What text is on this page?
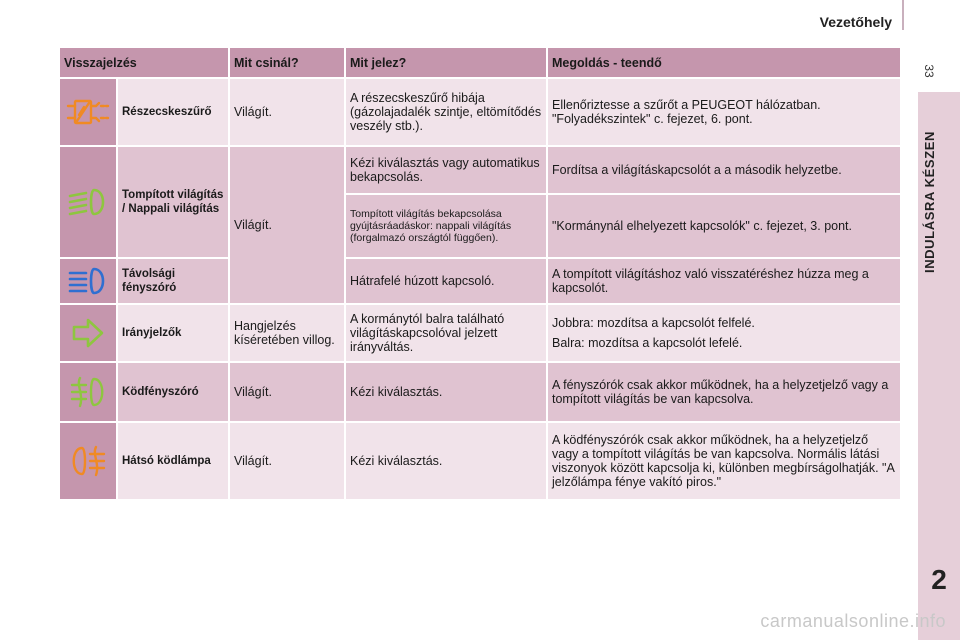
Vezetőhely
33
INDULÁSRA KÉSZEN
2
Visszajelzés		Mit csinál?	Mit jelez?	Megoldás - teendő

	Részecskeszűrő	Világít.	A részecskeszűrő hibája (gázolajadalék szintje, eltömítődés veszély stb.).	Ellenőriztesse a szűrőt a PEUGEOT hálózatban. "Folyadékszintek" c. fejezet, 6. pont.

	Tompított világítás / Nappali világítás	Világít.	Kézi kiválasztás vagy automatikus bekapcsolás.	Fordítsa a világításkapcsolót a a második helyzetbe.
			Tompított világítás bekapcsolása gyújtásráadáskor: nappali világítás (forgalmazó országtól függően).	"Kormánynál elhelyezett kapcsolók" c. fejezet, 3. pont.

	Távolsági fényszóró		Hátrafelé húzott kapcsoló.	A tompított világításhoz való visszatéréshez húzza meg a kapcsolót.

	Irányjelzők	Hangjelzés kíséretében villog.	A kormánytól balra található világításkapcsolóval jelzett irányváltás.	Jobbra: mozdítsa a kapcsolót felfelé.
Balra: mozdítsa a kapcsolót lefelé.

	Ködfényszóró	Világít.	Kézi kiválasztás.	A fényszórók csak akkor működnek, ha a helyzetjelző vagy a tompított világítás be van kapcsolva.

	Hátsó ködlámpa	Világít.	Kézi kiválasztás.	A ködfényszórók csak akkor működnek, ha a helyzetjelző vagy a tompított világítás be van kapcsolva. Normális látási viszonyok között kapcsolja ki, különben megbírságolhatják. "A jelzőlámpa fénye vakító piros."
carmanualsonline.info
